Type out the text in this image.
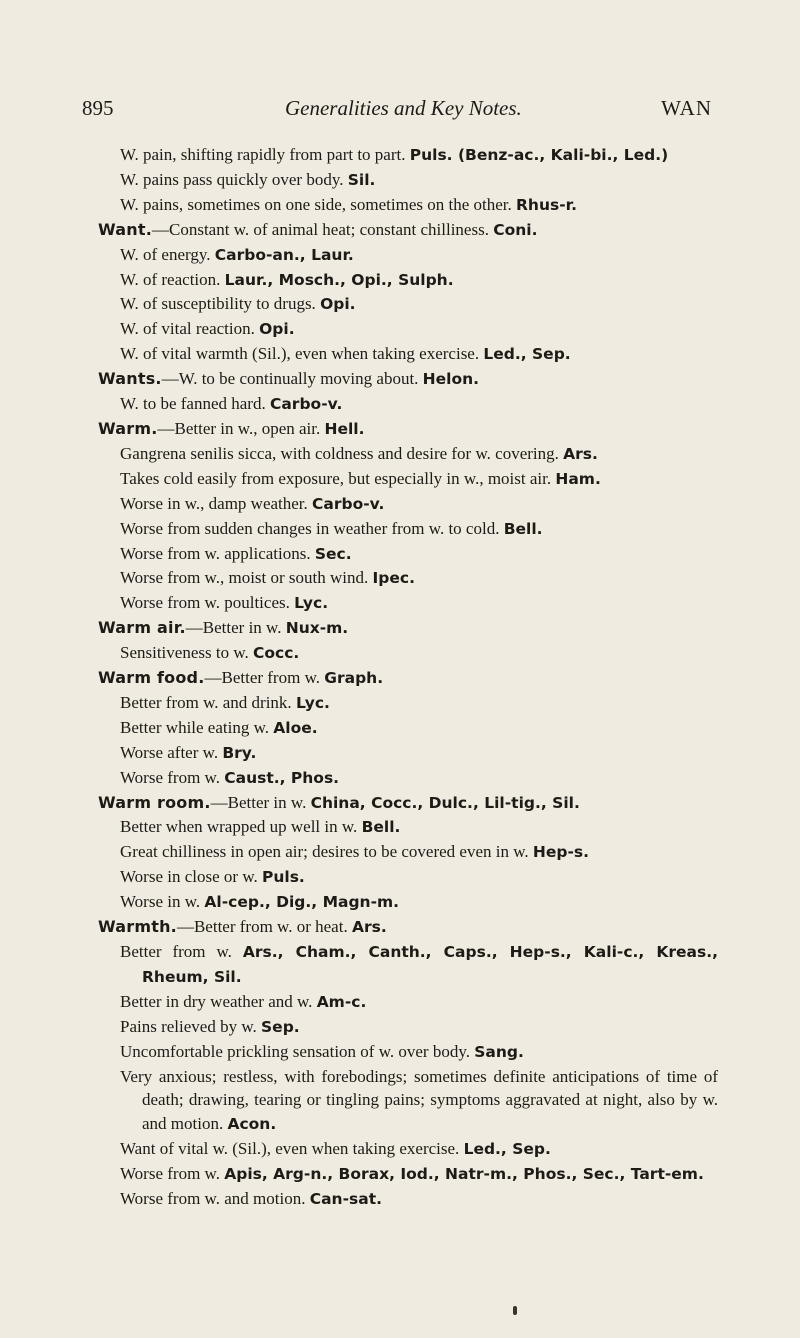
895	Generalities and Key Notes.	WAN
W. pain, shifting rapidly from part to part. Puls. (Benz-ac., Kali-bi., Led.)
W. pains pass quickly over body. Sil.
W. pains, sometimes on one side, sometimes on the other. Rhus-r.
Want.—Constant w. of animal heat; constant chilliness. Coni.
W. of energy. Carbo-an., Laur.
W. of reaction. Laur., Mosch., Opi., Sulph.
W. of susceptibility to drugs. Opi.
W. of vital reaction. Opi.
W. of vital warmth (Sil.), even when taking exercise. Led., Sep.
Wants.—W. to be continually moving about. Helon.
W. to be fanned hard. Carbo-v.
Warm.—Better in w., open air. Hell.
Gangrena senilis sicca, with coldness and desire for w. covering. Ars.
Takes cold easily from exposure, but especially in w., moist air. Ham.
Worse in w., damp weather. Carbo-v.
Worse from sudden changes in weather from w. to cold. Bell.
Worse from w. applications. Sec.
Worse from w., moist or south wind. Ipec.
Worse from w. poultices. Lyc.
Warm air.—Better in w. Nux-m.
Sensitiveness to w. Cocc.
Warm food.—Better from w. Graph.
Better from w. and drink. Lyc.
Better while eating w. Aloe.
Worse after w. Bry.
Worse from w. Caust., Phos.
Warm room.—Better in w. China, Cocc., Dulc., Lil-tig., Sil.
Better when wrapped up well in w. Bell.
Great chilliness in open air; desires to be covered even in w. Hep-s.
Worse in close or w. Puls.
Worse in w. Al-cep., Dig., Magn-m.
Warmth.—Better from w. or heat. Ars.
Better from w. Ars., Cham., Canth., Caps., Hep-s., Kali-c., Kreas., Rheum, Sil.
Better in dry weather and w. Am-c.
Pains relieved by w. Sep.
Uncomfortable prickling sensation of w. over body. Sang.
Very anxious; restless, with forebodings; sometimes definite anticipations of time of death; drawing, tearing or tingling pains; symptoms aggravated at night, also by w. and motion. Acon.
Want of vital w. (Sil.), even when taking exercise. Led., Sep.
Worse from w. Apis, Arg-n., Borax, Iod., Natr-m., Phos., Sec., Tart-em.
Worse from w. and motion. Can-sat.
